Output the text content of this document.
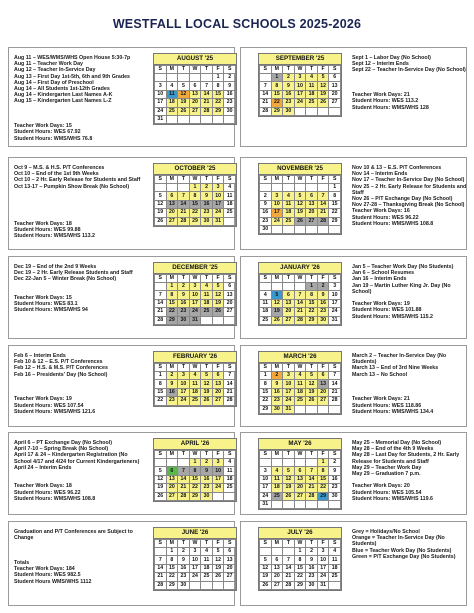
WESTFALL LOCAL SCHOOLS 2025-2026
Aug 11 – WES/WMS/WHS Open House 5:30-7p
Aug 11 – Teacher Work Day
Aug 12 – Teacher In-Service Day
Aug 13 – First Day 1st-5th, 6th and 9th Grades
Aug 14 – First Day of Preschool
Aug 14 – All Students 1st-12th Grades
Aug 14 – Kindergarten Last Names A-K
Aug 15 – Kindergarten Last Names L-Z

Teacher Work Days: 15
Student Hours: WES 67.92
Student Hours: WMS/WHS 76.8
Sept 1 – Labor Day (No School)
Sept 12 – Interim Ends
Sept 22 – Teacher In-Service Day (No School)

Teacher Work Days: 21
Student Hours: WES 113.2
Student Hours: WMS/WHS 128
AUGUST '25
S	M	T	W	T	F	S
					1	2
3	4	5	6	7	8	9
10	11	12	13	14	15	16
17	18	19	20	21	22	23
24	25	26	27	28	29	30
31						
SEPTEMBER '25
S	M	T	W	T	F	S
	1	2	3	4	5	6
7	8	9	10	11	12	13
14	15	16	17	18	19	20
21	22	23	24	25	26	27
28	29	30				
Oct 9 – M.S. & H.S. P/T Conferences
Oct 10 – End of the 1st 9th Weeks
Oct 10 – 2 Hr. Early Release for Students and Staff
Oct 13-17 – Pumpkin Show Break (No School)

Teacher Work Days: 18
Student Hours: WES 99.88
Student Hours: WMS/WHS 113.2
Nov 10 & 13 – E.S. P/T Conferences
Nov 14 – Interim Ends
Nov 17 – Teacher In-Service Day (No School)
Nov 25 – 2 Hr. Early Release for Students and Staff
Nov 26 – P/T Exchange Day (No School)
Nov 27-28 – Thanksgiving Break (No School)
Teacher Work Days: 16
Student Hours: WES 96.22
Student Hours: WMS/WHS 108.8
OCTOBER '25
S	M	T	W	T	F	S
			1	2	3	4
5	6	7	8	9	10	11
12	13	14	15	16	17	18
19	20	21	22	23	24	25
26	27	28	29	30	31	
NOVEMBER '25
S	M	T	W	T	F	S
						1
2	3	4	5	6	7	8
9	10	11	12	13	14	15
16	17	18	19	20	21	22
23	24	25	26	27	28	29
30						
Dec 19 – End of the 2nd 9 Weeks
Dec 19 – 2 Hr. Early Release Students and Staff
Dec 22-Jan 5 – Winter Break (No School)

Teacher Work Days: 15
Student Hours: WES 83.1
Student Hours: WMS/WHS 94
Jan 5 – Teacher Work Day (No Students)
Jan 6 – School Resumes
Jan 16 – Interim Ends
Jan 19 – Martin Luther King Jr. Day (No School)

Teacher Work Days: 19
Student Hours: WES 101.88
Student Hours: WMS/WHS 115.2
DECEMBER '25
S	M	T	W	T	F	S
	1	2	3	4	5	6
7	8	9	10	11	12	13
14	15	16	17	18	19	20
21	22	23	24	25	26	27
28	29	30	31			
JANUARY '26
S	M	T	W	T	F	S
				1	2	3
4	5	6	7	8	9	10
11	12	13	14	15	16	17
18	19	20	21	22	23	24
25	26	27	28	29	30	31
Feb 6 – Interim Ends
Feb 10 & 12 – E.S. P/T Conferences
Feb 12 – H.S. & M.S. P/T Conferences
Feb 16 – Presidents' Day (No School)

Teacher Work Days: 19
Student Hours: WES 107.54
Student Hours: WMS/WHS 121.6
March 2 – Teacher In-Service Day (No Students)
March 13 – End of 3rd Nine Weeks
March 13 – No School

Teacher Work Days: 21
Student Hours: WES 118.86
Student Hours: WMS/WHS 134.4
FEBRUARY '26
S	M	T	W	T	F	S
1	2	3	4	5	6	7
8	9	10	11	12	13	14
15	16	17	18	19	20	21
22	23	24	25	26	27	28
MARCH '26
S	M	T	W	T	F	S
1	2	3	4	5	6	7
8	9	10	11	12	13	14
15	16	17	18	19	20	21
22	23	24	25	26	27	28
29	30	31				
April 6 – PT Exchange Day (No School)
April 7-10 – Spring Break (No School)
April 17 & 24 – Kindergarten Registration (No School 4/17 and 4/24 for Current Kindergarteners)
April 24 – Interim Ends

Teacher Work Days: 18
Student Hours: WES 96.22
Student Hours: WMS/WHS 108.8
May 25 – Memorial Day (No School)
May 28 – End of the 4th 9 Weeks
May 28 – Last Day for Students, 2 Hr. Early Release for Students and Staff
May 29 – Teacher Work Day
May 29 – Graduation 7 p.m.

Teacher Work Days: 20
Student Hours: WES 105.54
Student Hours: WMS/WHS 119.6
APRIL '26
S	M	T	W	T	F	S
			1	2	3	4
5	6	7	8	9	10	11
12	13	14	15	16	17	18
19	20	21	22	23	24	25
26	27	28	29	30		
MAY '26
S	M	T	W	T	F	S
					1	2
3	4	5	6	7	8	9
10	11	12	13	14	15	16
17	18	19	20	21	22	23
24	25	26	27	28	29	30
31						
Graduation and P/T Conferences are Subject to Change

Totals
Teacher Work Days: 184
Student Hours: WES 982.5
Student Hours WMS/WHS 1112
Grey = Holidays/No School
Orange = Teacher In-Service Day (No Students)
Blue = Teacher Work Day (No Students)
Green = P/T Exchange Day (No Students)
JUNE '26
S	M	T	W	T	F	S
	1	2	3	4	5	6
7	8	9	10	11	12	13
14	15	16	17	18	19	20
21	22	23	24	25	26	27
28	29	30				
JULY '26
S	M	T	W	T	F	S
			1	2	3	4
5	6	7	8	9	10	11
12	13	14	15	16	17	18
19	20	21	22	23	24	25
26	27	28	29	30	31	
